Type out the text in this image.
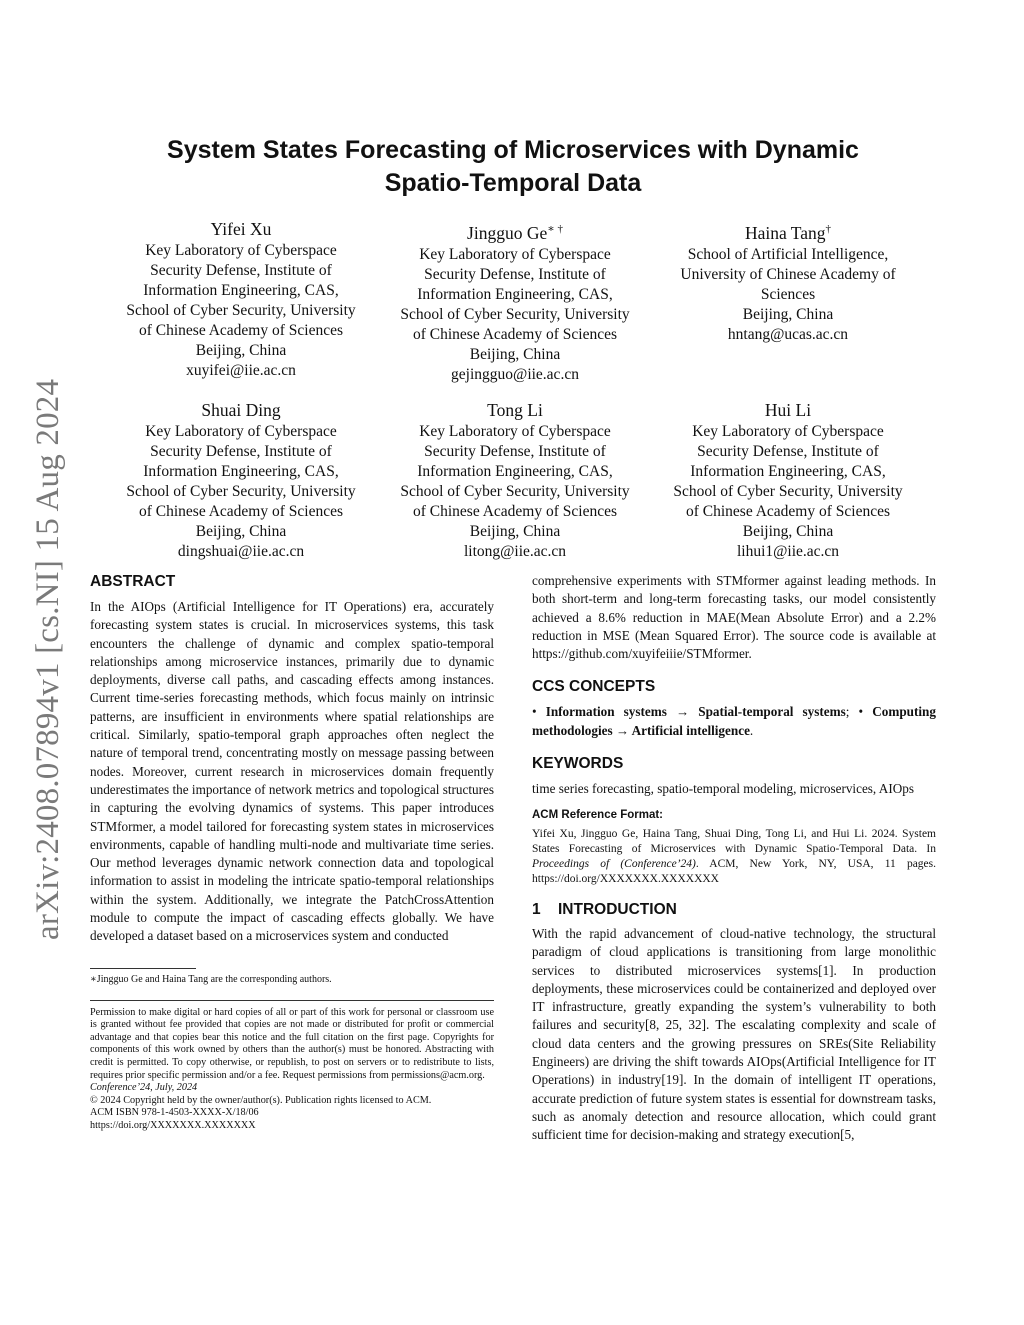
arXiv:2408.07894v1 [cs.NI] 15 Aug 2024
System States Forecasting of Microservices with Dynamic
Spatio-Temporal Data
Yifei Xu
Key Laboratory of Cyberspace
Security Defense, Institute of
Information Engineering, CAS,
School of Cyber Security, University
of Chinese Academy of Sciences
Beijing, China
xuyifei@iie.ac.cn
Jingguo Ge∗ †
Key Laboratory of Cyberspace
Security Defense, Institute of
Information Engineering, CAS,
School of Cyber Security, University
of Chinese Academy of Sciences
Beijing, China
gejingguo@iie.ac.cn
Haina Tang†
School of Artificial Intelligence,
University of Chinese Academy of
Sciences
Beijing, China
hntang@ucas.ac.cn
Shuai Ding
Key Laboratory of Cyberspace
Security Defense, Institute of
Information Engineering, CAS,
School of Cyber Security, University
of Chinese Academy of Sciences
Beijing, China
dingshuai@iie.ac.cn
Tong Li
Key Laboratory of Cyberspace
Security Defense, Institute of
Information Engineering, CAS,
School of Cyber Security, University
of Chinese Academy of Sciences
Beijing, China
litong@iie.ac.cn
Hui Li
Key Laboratory of Cyberspace
Security Defense, Institute of
Information Engineering, CAS,
School of Cyber Security, University
of Chinese Academy of Sciences
Beijing, China
lihui1@iie.ac.cn
ABSTRACT

In the AIOps (Artificial Intelligence for IT Operations) era, accurately forecasting system states is crucial. In microservices systems, this task encounters the challenge of dynamic and complex spatio-temporal relationships among microservice instances, primarily due to dynamic deployments, diverse call paths, and cascading effects among instances. Current time-series forecasting methods, which focus mainly on intrinsic patterns, are insufficient in environments where spatial relationships are critical. Similarly, spatio-temporal graph approaches often neglect the nature of temporal trend, concentrating mostly on message passing between nodes. Moreover, current research in microservices domain frequently underestimates the importance of network metrics and topological structures in capturing the evolving dynamics of systems. This paper introduces STMformer, a model tailored for forecasting system states in microservices environments, capable of handling multi-node and multivariate time series. Our method leverages dynamic network connection data and topological information to assist in modeling the intricate spatio-temporal relationships within the system. Additionally, we integrate the PatchCrossAttention module to compute the impact of cascading effects globally. We have developed a dataset based on a microservices system and conducted

∗Jingguo Ge and Haina Tang are the corresponding authors.

Permission to make digital or hard copies of all or part of this work for personal or classroom use is granted without fee provided that copies are not made or distributed for profit or commercial advantage and that copies bear this notice and the full citation on the first page. Copyrights for components of this work owned by others than the author(s) must be honored. Abstracting with credit is permitted. To copy otherwise, or republish, to post on servers or to redistribute to lists, requires prior specific permission and/or a fee. Request permissions from permissions@acm.org.

Conference’24, July, 2024

© 2024 Copyright held by the owner/author(s). Publication rights licensed to ACM.

ACM ISBN 978-1-4503-XXXX-X/18/06

https://doi.org/XXXXXXX.XXXXXXX

comprehensive experiments with STMformer against leading methods. In both short-term and long-term forecasting tasks, our model consistently achieved a 8.6% reduction in MAE(Mean Absolute Error) and a 2.2% reduction in MSE (Mean Squared Error). The source code is available at https://github.com/xuyifeiiie/STMformer.

CCS CONCEPTS

• Information systems → Spatial-temporal systems; • Computing methodologies → Artificial intelligence.

KEYWORDS

time series forecasting, spatio-temporal modeling, microservices, AIOps

ACM Reference Format:

Yifei Xu, Jingguo Ge, Haina Tang, Shuai Ding, Tong Li, and Hui Li. 2024. System States Forecasting of Microservices with Dynamic Spatio-Temporal Data. In Proceedings of (Conference’24). ACM, New York, NY, USA, 11 pages. https://doi.org/XXXXXXX.XXXXXXX

1 INTRODUCTION

With the rapid advancement of cloud-native technology, the structural paradigm of cloud applications is transitioning from large monolithic services to distributed microservices systems[1]. In production deployments, these microservices could be containerized and deployed over IT infrastructure, greatly expanding the system’s vulnerability to both failures and security[8, 25, 32]. The escalating complexity and scale of cloud data centers and the growing pressures on SREs(Site Reliability Engineers) are driving the shift towards AIOps(Artificial Intelligence for IT Operations) in industry[19]. In the domain of intelligent IT operations, accurate prediction of future system states is essential for downstream tasks, such as anomaly detection and resource allocation, which could grant sufficient time for decision-making and strategy execution[5,
